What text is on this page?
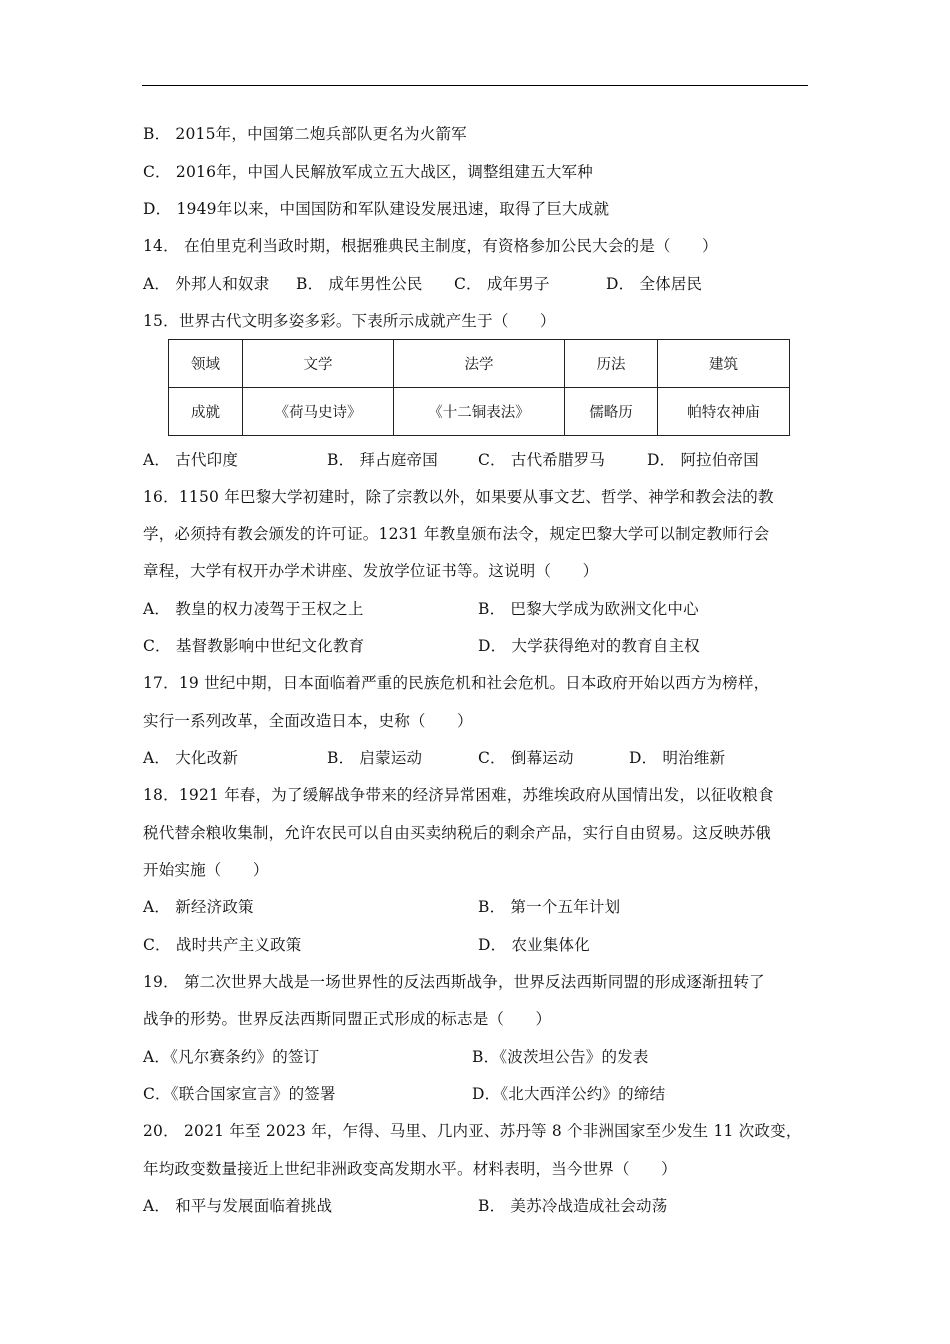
B． 2015年，中国第二炮兵部队更名为火箭军
C． 2016年，中国人民解放军成立五大战区，调整组建五大军种
D． 1949年以来，中国国防和军队建设发展迅速，取得了巨大成就
14． 在伯里克利当政时期，根据雅典民主制度，有资格参加公民大会的是（　　）
A． 外邦人和奴隶 B． 成年男性公民 C． 成年男子	D． 全体居民
15．世界古代文明多姿多彩。下表所示成就产生于（　　）
领域	文学	法学	历法	建筑
成就	《荷马史诗》	《十二铜表法》	儒略历	帕特农神庙
A． 古代印度	B． 拜占庭帝国	C． 古代希腊罗马	D． 阿拉伯帝国
16．1150 年巴黎大学初建时，除了宗教以外，如果要从事文艺、哲学、神学和教会法的教
学，必须持有教会颁发的许可证。1231 年教皇颁布法令，规定巴黎大学可以制定教师行会
章程，大学有权开办学术讲座、发放学位证书等。这说明（　　）
A． 教皇的权力凌驾于王权之上	B． 巴黎大学成为欧洲文化中心
C． 基督教影响中世纪文化教育	D． 大学获得绝对的教育自主权
17．19 世纪中期，日本面临着严重的民族危机和社会危机。日本政府开始以西方为榜样，
实行一系列改革，全面改造日本，史称（　　）
A． 大化改新	B． 启蒙运动	C． 倒幕运动	D． 明治维新
18．1921 年春，为了缓解战争带来的经济异常困难，苏维埃政府从国情出发，以征收粮食
税代替余粮收集制，允许农民可以自由买卖纳税后的剩余产品，实行自由贸易。这反映苏俄
开始实施（　　）
A． 新经济政策	B． 第一个五年计划
C． 战时共产主义政策	D． 农业集体化
19． 第二次世界大战是一场世界性的反法西斯战争，世界反法西斯同盟的形成逐渐扭转了
战争的形势。世界反法西斯同盟正式形成的标志是（　　）
A．《凡尔赛条约》的签订	B．《波茨坦公告》的发表
C．《联合国家宣言》的签署	D．《北大西洋公约》的缔结
20． 2021 年至 2023 年，乍得、马里、几内亚、苏丹等 8 个非洲国家至少发生 11 次政变，
年均政变数量接近上世纪非洲政变高发期水平。材料表明，当今世界（　　）
A． 和平与发展面临着挑战	B． 美苏冷战造成社会动荡
